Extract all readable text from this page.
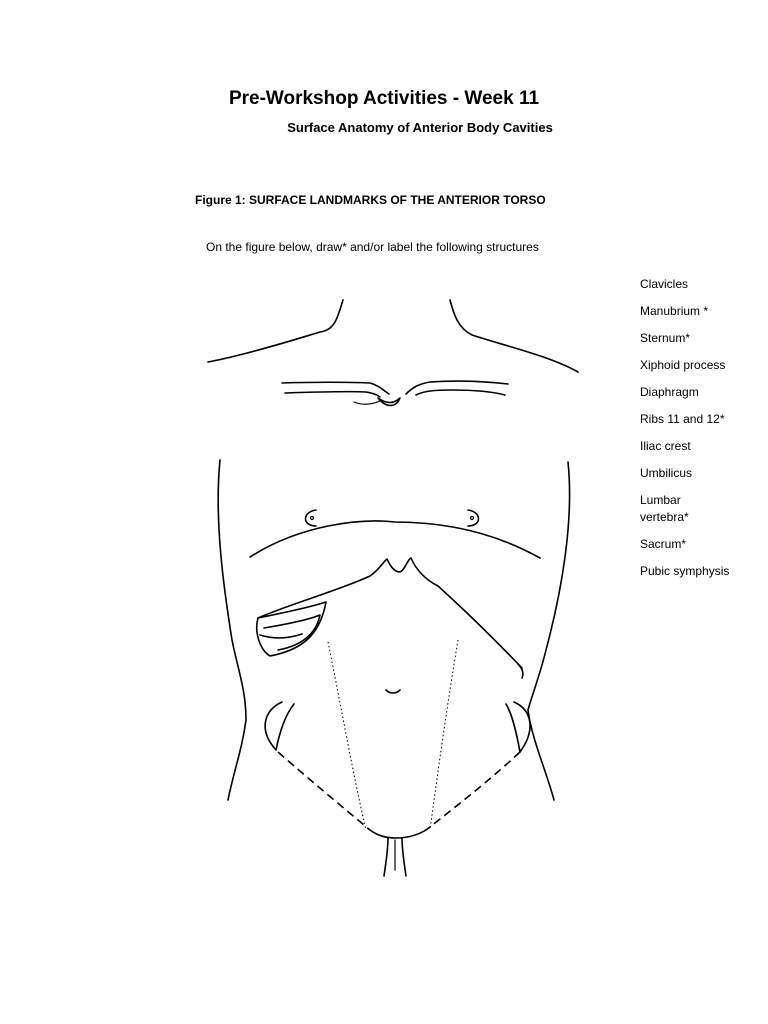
Pre-Workshop Activities - Week 11
Surface Anatomy of Anterior Body Cavities

Figure 1: SURFACE LANDMARKS OF THE ANTERIOR TORSO

On the figure below, draw* and/or label the following structures

Clavicles
Manubrium *
Sternum*
Xiphoid process
Diaphragm
Ribs 11 and 12*
Iliac crest
Umbilicus
Lumbar vertebra*
Sacrum*
Pubic symphysis
